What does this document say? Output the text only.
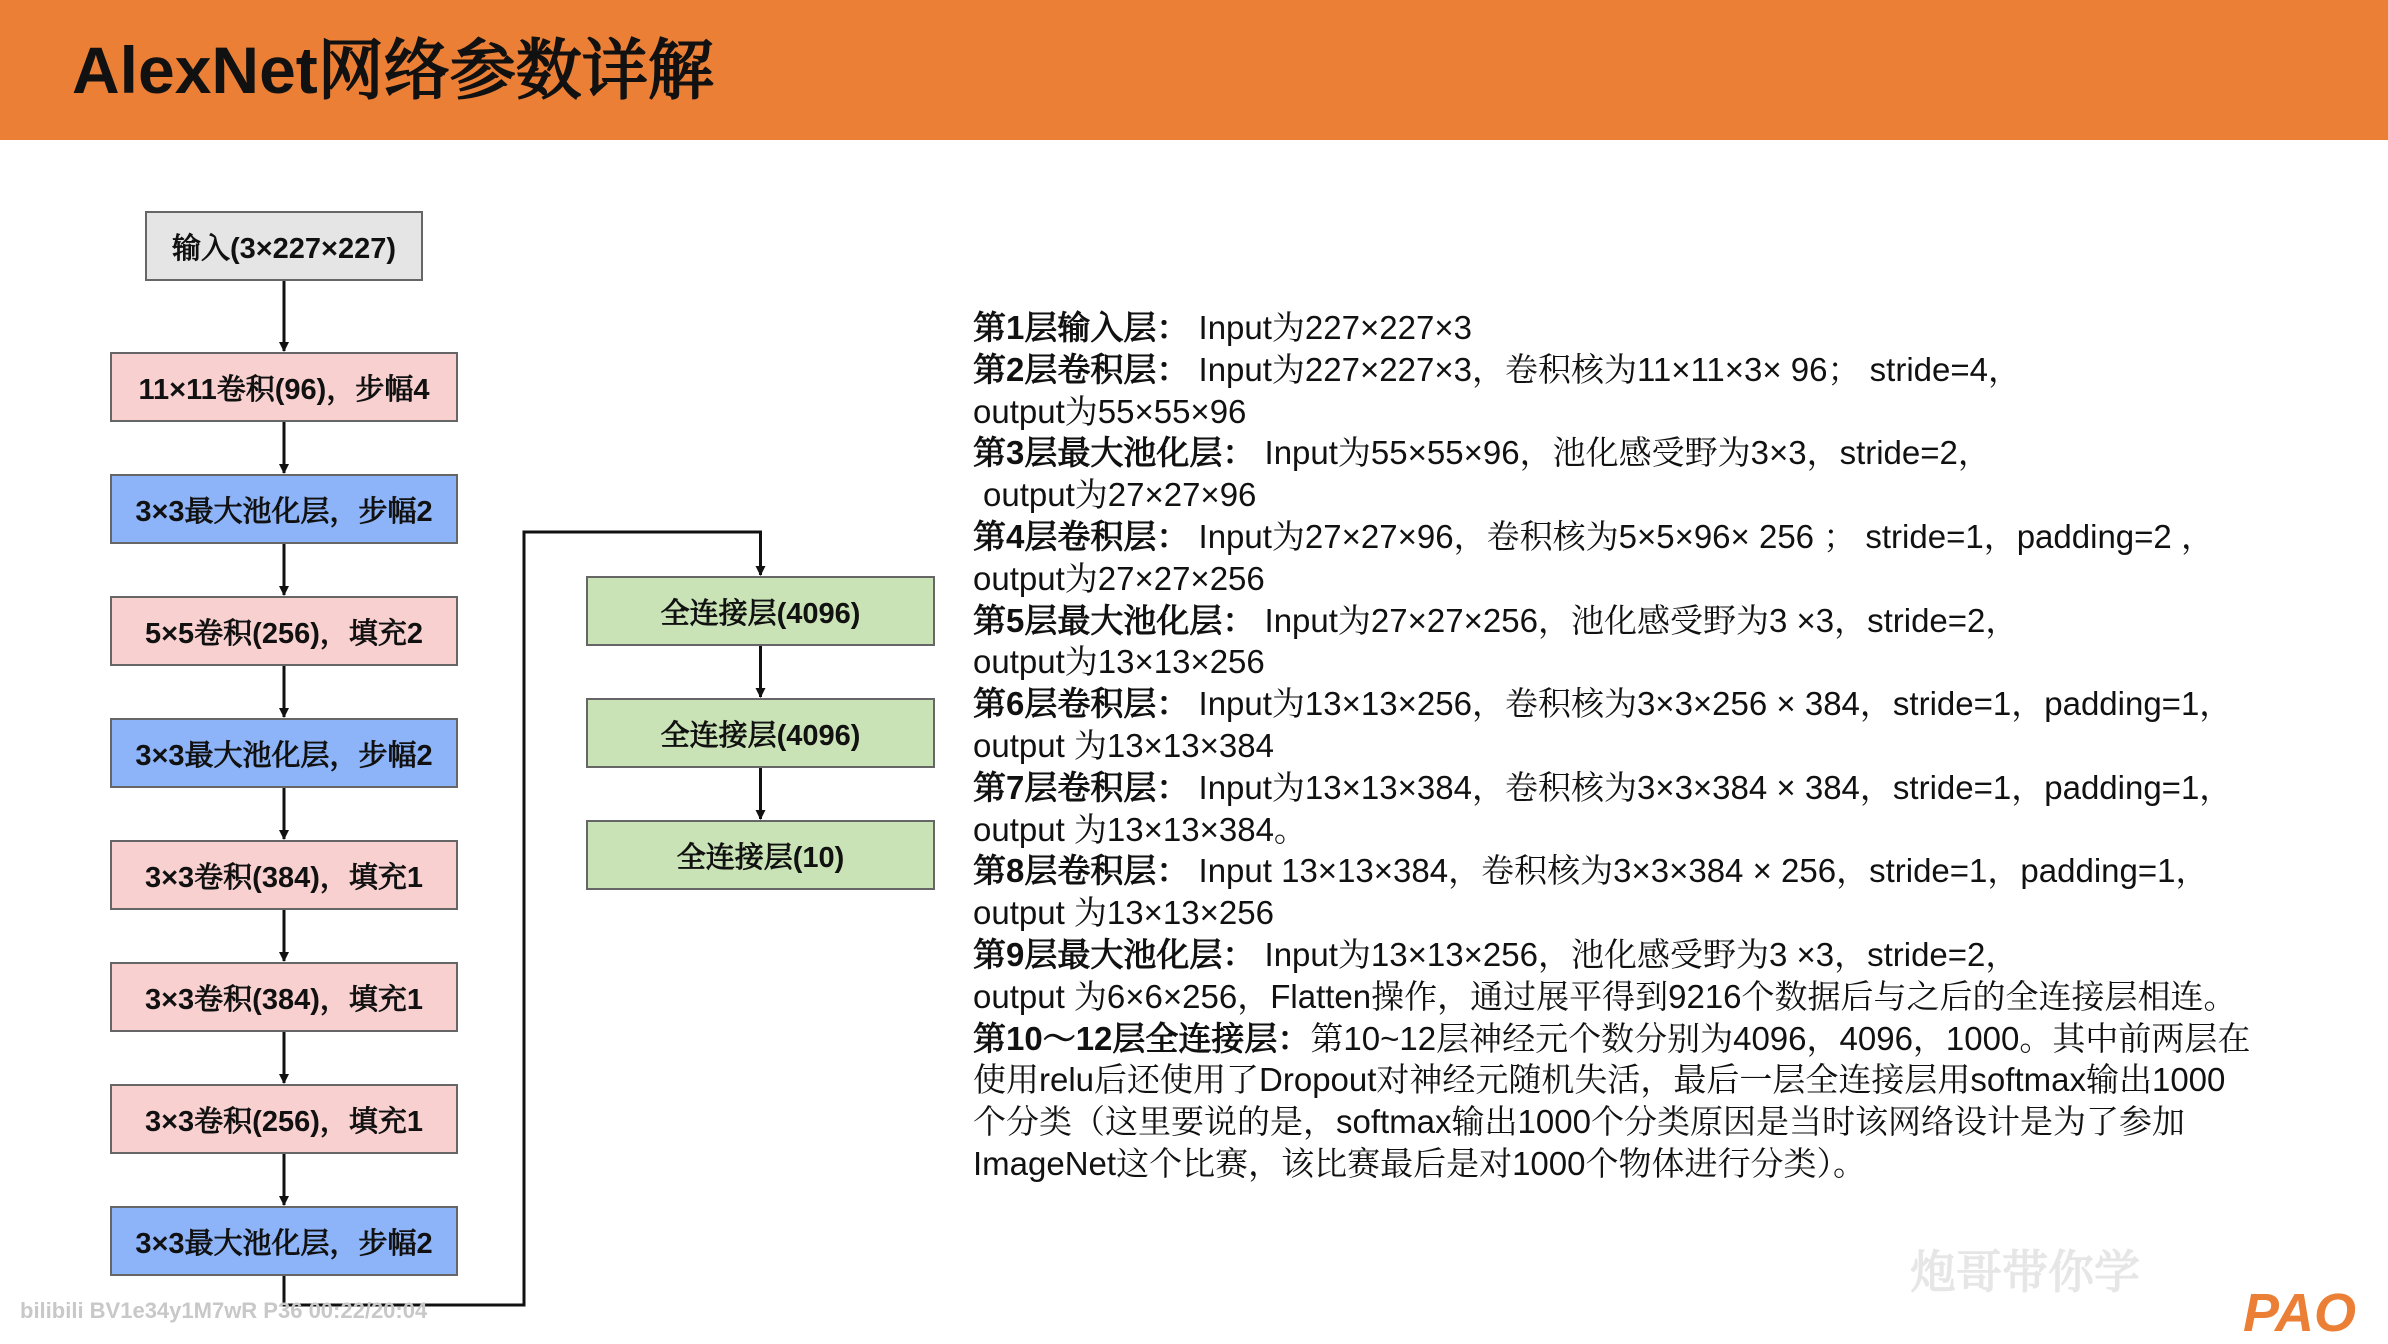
AlexNet网络参数详解
输入(3×227×227)
11×11卷积(96)，步幅4
3×3最大池化层，步幅2
5×5卷积(256)，填充2
3×3最大池化层，步幅2
3×3卷积(384)，填充1
3×3卷积(384)，填充1
3×3卷积(256)，填充1
3×3最大池化层，步幅2
全连接层(4096)
全连接层(4096)
全连接层(10)
第1层输入层： Input为227×227×3
第2层卷积层： Input为227×227×3，卷积核为11×11×3× 96； stride=4，
output为55×55×96
第3层最大池化层： Input为55×55×96，池化感受野为3×3，stride=2，
output为27×27×96
第4层卷积层： Input为27×27×96，卷积核为5×5×96× 256 ； stride=1，padding=2 ，
output为27×27×256
第5层最大池化层： Input为27×27×256，池化感受野为3 ×3，stride=2，
output为13×13×256
第6层卷积层： Input为13×13×256，卷积核为3×3×256 × 384，stride=1，padding=1，
output 为13×13×384
第7层卷积层： Input为13×13×384，卷积核为3×3×384 × 384，stride=1，padding=1，
output 为13×13×384。
第8层卷积层： Input 13×13×384，卷积核为3×3×384 × 256，stride=1，padding=1，
output 为13×13×256
第9层最大池化层： Input为13×13×256，池化感受野为3 ×3，stride=2，
output 为6×6×256，Flatten操作，通过展平得到9216个数据后与之后的全连接层相连。
第10～12层全连接层：第10~12层神经元个数分别为4096，4096，1000。其中前两层在
使用relu后还使用了Dropout对神经元随机失活，最后一层全连接层用softmax输出1000
个分类（这里要说的是，softmax输出1000个分类原因是当时该网络设计是为了参加
ImageNet这个比赛，该比赛最后是对1000个物体进行分类）。
bilibili BV1e34y1M7wR P36 00:22/20:04
炮哥带你学
PAO
